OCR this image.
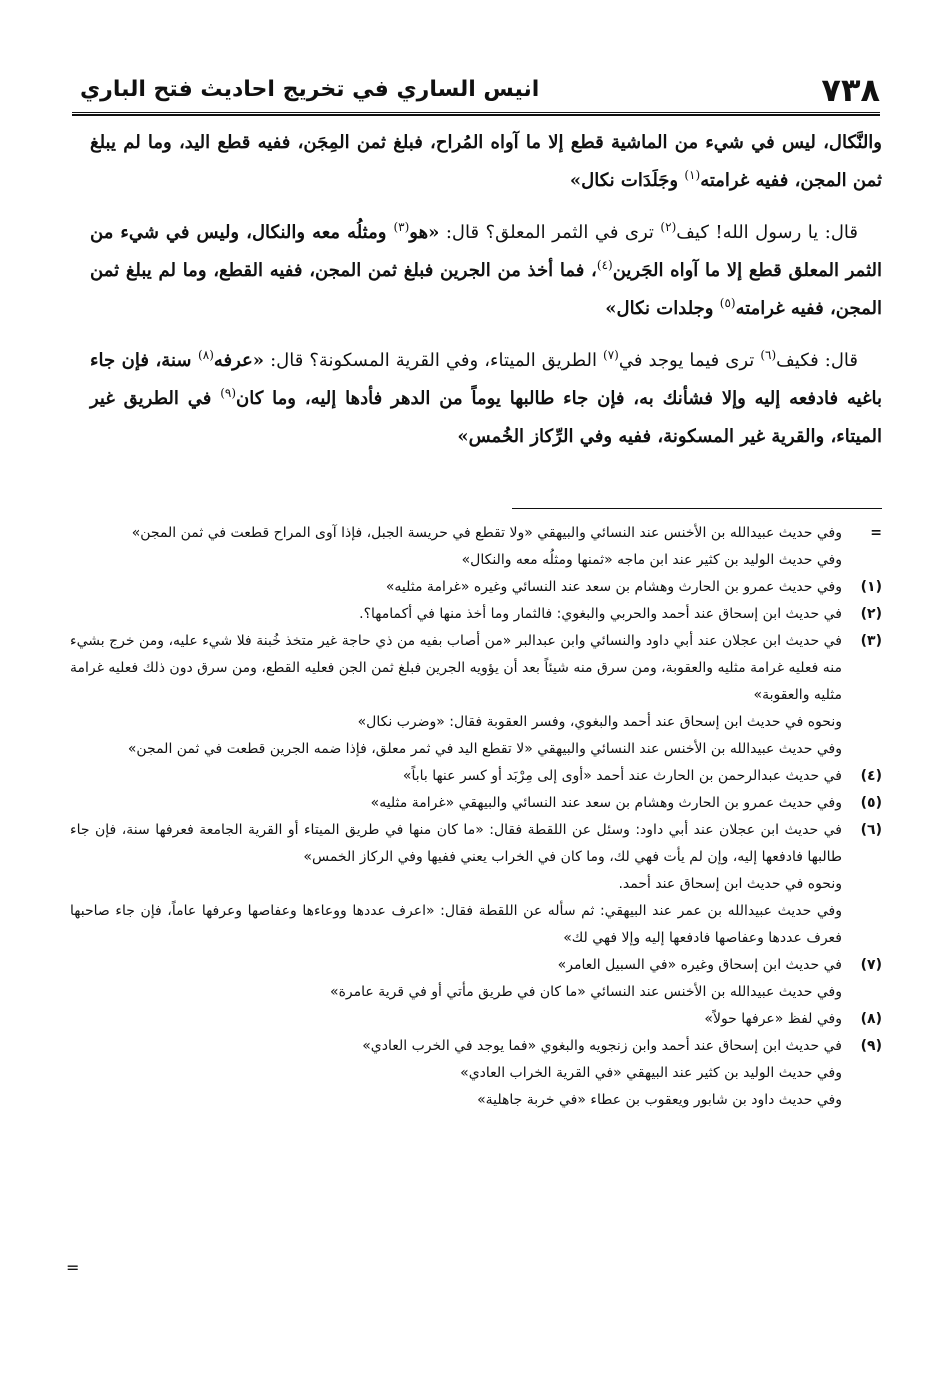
٧٣٨
انيس الساري في تخريج احاديث فتح الباري

والنَّكال، ليس في شيء من الماشية قطع إلا ما آواه المُراح، فبلغ ثمن المِجَن، ففيه قطع اليد، وما لم يبلغ ثمن المجن، ففيه غرامته$^{(١)}$ وجَلَدَات نكال»

قال: يا رسول الله! كيف$^{(٢)}$ ترى في الثمر المعلق؟ قال: «هو$^{(٣)}$ ومثلُه معه والنكال، وليس في شيء من الثمر المعلق قطع إلا ما آواه الجَرين$^{(٤)}$، فما أخذ من الجرين فبلغ ثمن المجن، ففيه القطع، وما لم يبلغ ثمن المجن، ففيه غرامته$^{(٥)}$ وجلدات نكال»

قال: فكيف$^{(٦)}$ ترى فيما يوجد في$^{(٧)}$ الطريق الميتاء، وفي القرية المسكونة؟ قال: «عرفه$^{(٨)}$ سنة، فإن جاء باغيه فادفعه إليه وإلا فشأنك به، فإن جاء طالبها يوماً من الدهر فأدها إليه، وما كان$^{(٩)}$ في الطريق غير الميتاء، والقرية غير المسكونة، ففيه وفي الرِّكاز الخُمس»

=
وفي حديث عبيدالله بن الأخنس عند النسائي والبيهقي «ولا تقطع في حريسة الجبل، فإذا آوى المراح قطعت في ثمن المجن»
وفي حديث الوليد بن كثير عند ابن ماجه «ثمنها ومثلُه معه والنكال»
(١)
وفي حديث عمرو بن الحارث وهشام بن سعد عند النسائي وغيره «غرامة مثليه»
(٢)
في حديث ابن إسحاق عند أحمد والحربي والبغوي: فالثمار وما أخذ منها في أكمامها؟.
(٣)
في حديث ابن عجلان عند أبي داود والنسائي وابن عبدالبر «من أصاب بفيه من ذي حاجة غير متخذ خُبنة فلا شيء عليه، ومن خرج بشيء منه فعليه غرامة مثليه والعقوبة، ومن سرق منه شيئاً بعد أن يؤويه الجرين فبلغ ثمن الجن فعليه القطع، ومن سرق دون ذلك فعليه غرامة مثليه والعقوبة»
ونحوه في حديث ابن إسحاق عند أحمد والبغوي، وفسر العقوبة فقال: «وضرب نكال»
وفي حديث عبيدالله بن الأخنس عند النسائي والبيهقي «لا تقطع اليد في ثمر معلق، فإذا ضمه الجرين قطعت في ثمن المجن»
(٤)
في حديث عبدالرحمن بن الحارث عند أحمد «أوى إلى مِرْبَد أو كسر عنها باباً»
(٥)
وفي حديث عمرو بن الحارث وهشام بن سعد عند النسائي والبيهقي «غرامة مثليه»
(٦)
في حديث ابن عجلان عند أبي داود: وسئل عن اللقطة فقال: «ما كان منها في طريق الميتاء أو القرية الجامعة فعرفها سنة، فإن جاء طالبها فادفعها إليه، وإن لم يأت فهي لك، وما كان في الخراب يعني ففيها وفي الركاز الخمس»
ونحوه في حديث ابن إسحاق عند أحمد.
وفي حديث عبيدالله بن عمر عند البيهقي: ثم سأله عن اللقطة فقال: «اعرف عددها ووعاءها وعفاصها وعرفها عاماً، فإن جاء صاحبها فعرف عددها وعفاصها فادفعها إليه وإلا فهي لك»
(٧)
في حديث ابن إسحاق وغيره «في السبيل العامر»
وفي حديث عبيدالله بن الأخنس عند النسائي «ما كان في طريق مأتي أو في قرية عامرة»
(٨)
وفي لفظ «عرفها حولاً»
(٩)
في حديث ابن إسحاق عند أحمد وابن زنجويه والبغوي «فما يوجد في الخرب العادي»
وفي حديث الوليد بن كثير عند البيهقي «في القرية الخراب العادي»
وفي حديث داود بن شابور ويعقوب بن عطاء «في خربة جاهلية»
=
